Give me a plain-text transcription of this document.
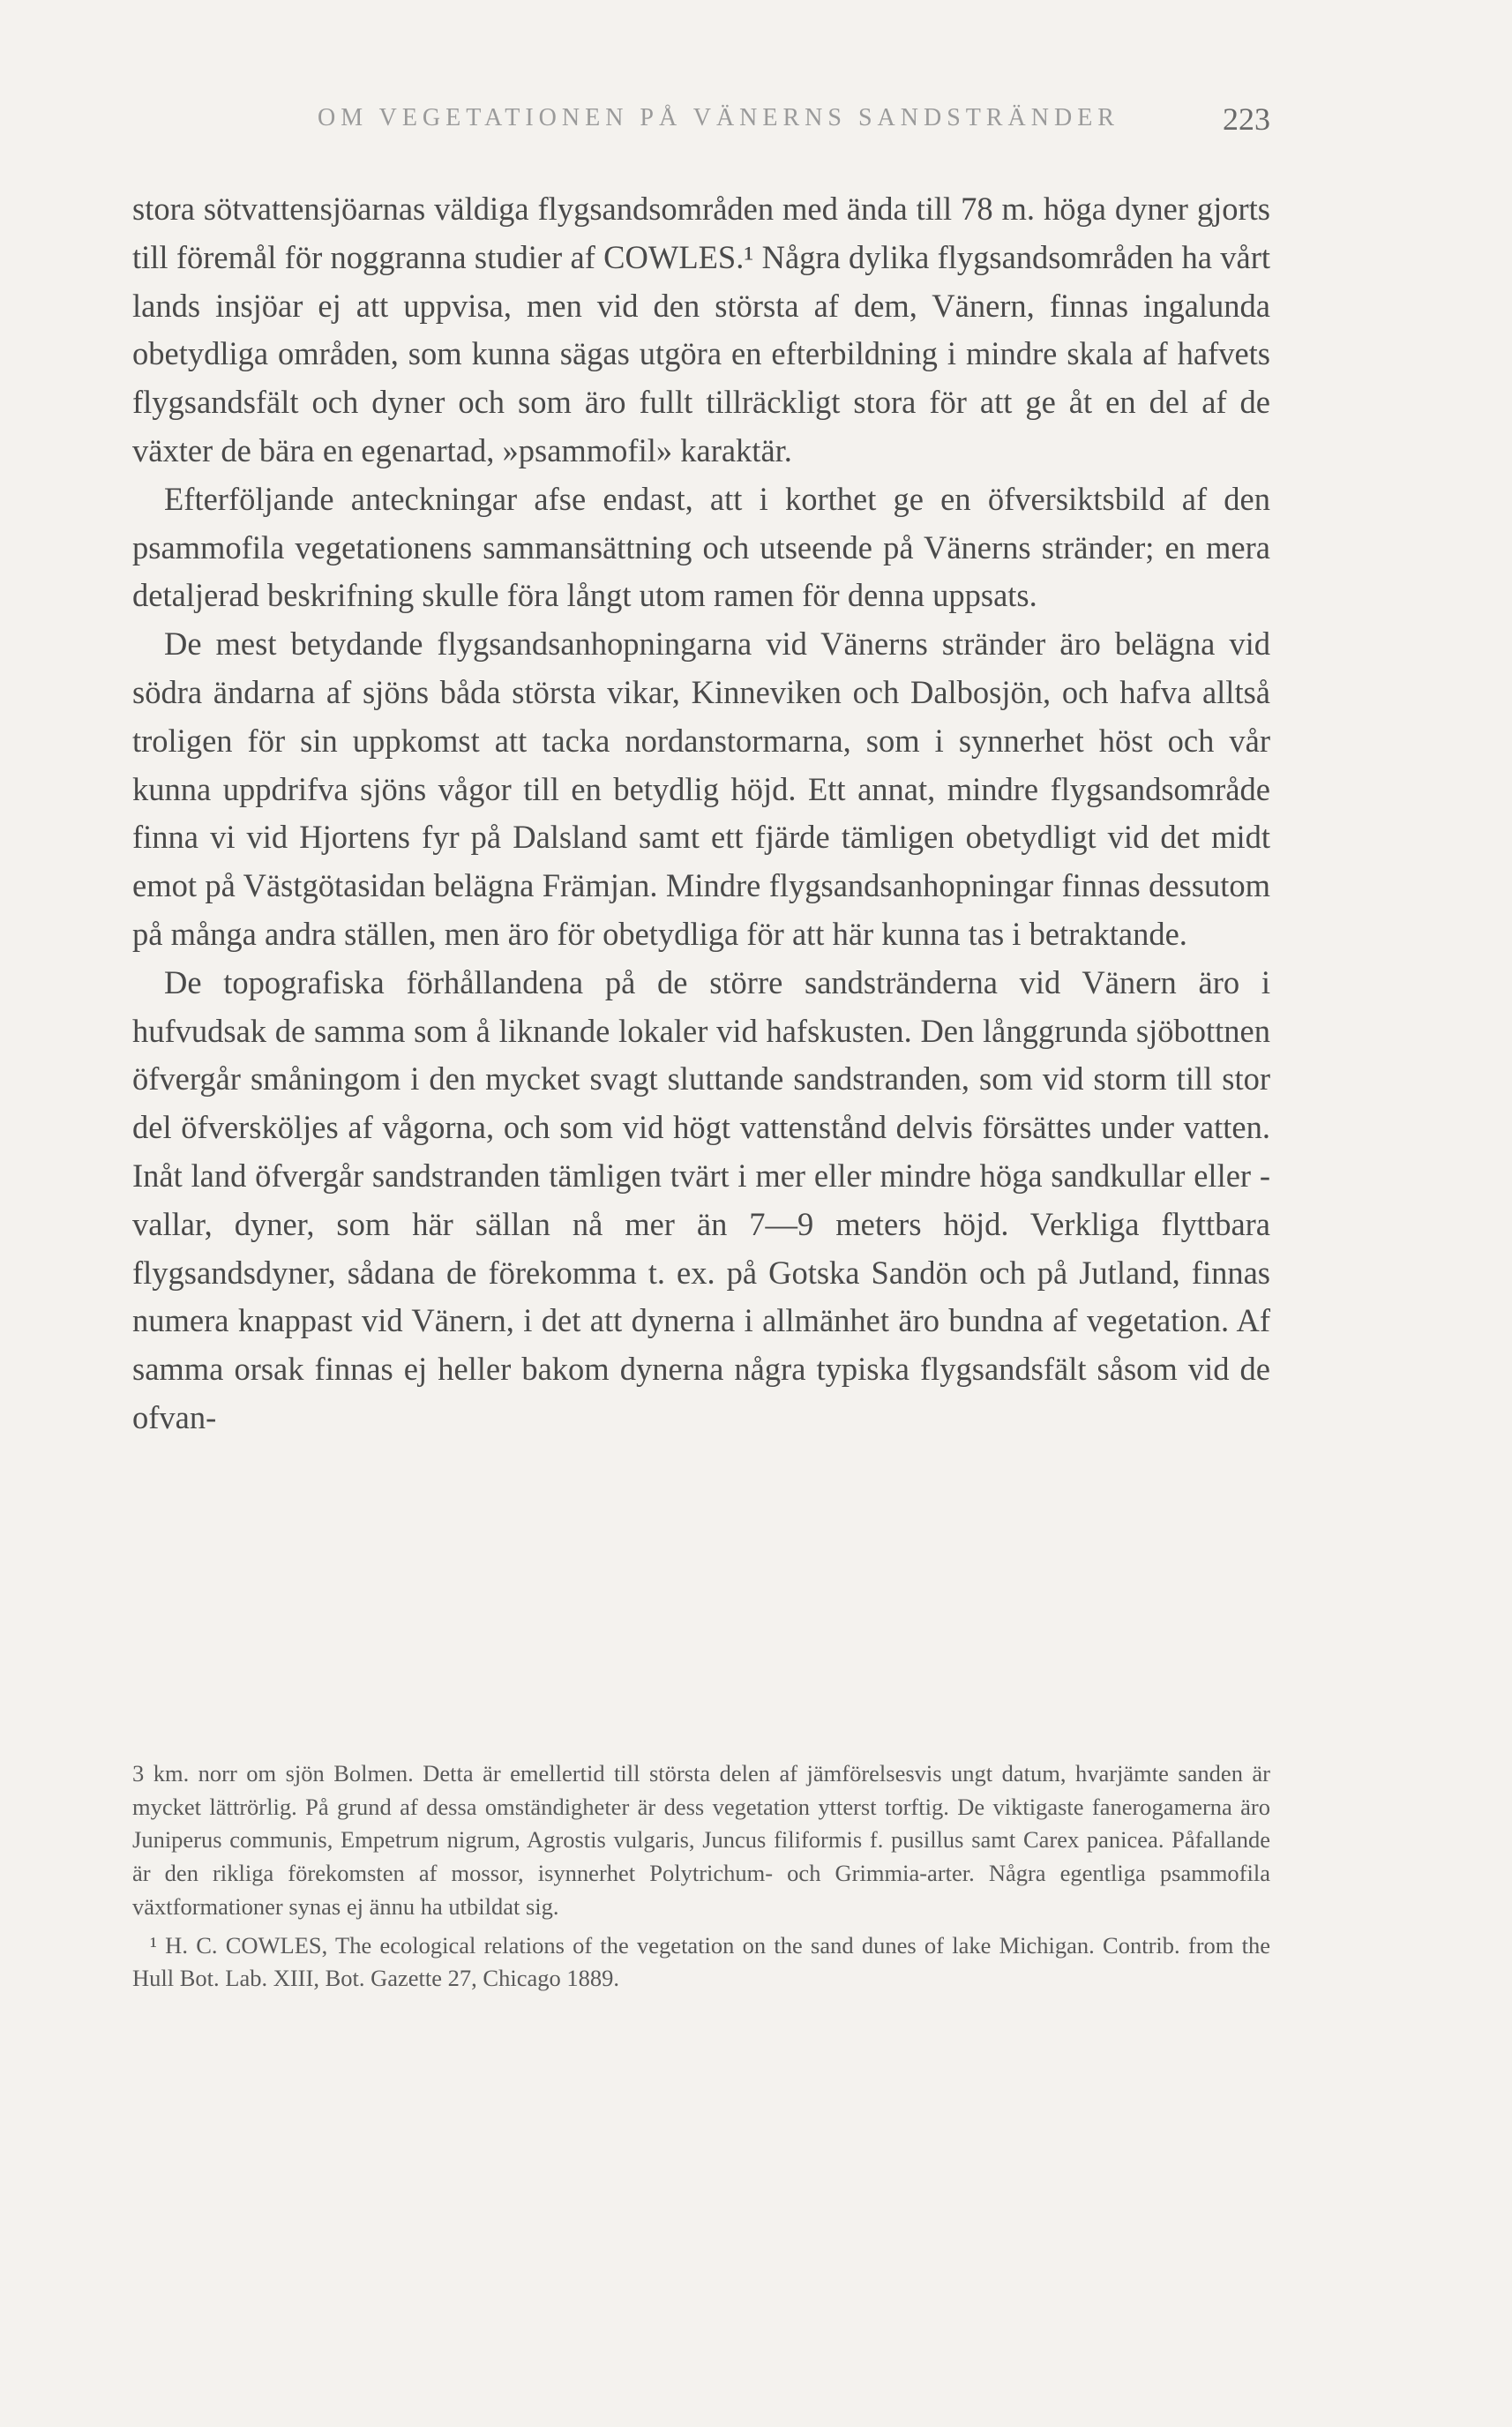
OM VEGETATIONEN PÅ VÄNERNS SANDSTRÄNDER	223

stora sötvattensjöarnas väldiga flygsandsområden med ända till 78 m. höga dyner gjorts till föremål för noggranna studier af COWLES.¹ Några dylika flygsandsområden ha vårt lands insjöar ej att uppvisa, men vid den största af dem, Vänern, finnas ingalunda obetydliga områden, som kunna sägas utgöra en efterbildning i mindre skala af hafvets flygsandsfält och dyner och som äro fullt tillräckligt stora för att ge åt en del af de växter de bära en egenartad, »psammofil» karaktär.

Efterföljande anteckningar afse endast, att i korthet ge en öfversiktsbild af den psammofila vegetationens sammansättning och utseende på Vänerns stränder; en mera detaljerad beskrifning skulle föra långt utom ramen för denna uppsats.

De mest betydande flygsandsanhopningarna vid Vänerns stränder äro belägna vid södra ändarna af sjöns båda största vikar, Kinneviken och Dalbosjön, och hafva alltså troligen för sin uppkomst att tacka nordanstormarna, som i synnerhet höst och vår kunna uppdrifva sjöns vågor till en betydlig höjd. Ett annat, mindre flygsandsområde finna vi vid Hjortens fyr på Dalsland samt ett fjärde tämligen obetydligt vid det midt emot på Västgötasidan belägna Främjan. Mindre flygsandsanhopningar finnas dessutom på många andra ställen, men äro för obetydliga för att här kunna tas i betraktande.

De topografiska förhållandena på de större sandstränderna vid Vänern äro i hufvudsak de samma som å liknande lokaler vid hafskusten. Den långgrunda sjöbottnen öfvergår småningom i den mycket svagt sluttande sandstranden, som vid storm till stor del öfversköljes af vågorna, och som vid högt vattenstånd delvis försättes under vatten. Inåt land öfvergår sandstranden tämligen tvärt i mer eller mindre höga sandkullar eller -vallar, dyner, som här sällan nå mer än 7—9 meters höjd. Verkliga flyttbara flygsandsdyner, sådana de förekomma t. ex. på Gotska Sandön och på Jutland, finnas numera knappast vid Vänern, i det att dynerna i allmänhet äro bundna af vegetation. Af samma orsak finnas ej heller bakom dynerna några typiska flygsandsfält såsom vid de ofvan-

3 km. norr om sjön Bolmen. Detta är emellertid till största delen af jämförelsesvis ungt datum, hvarjämte sanden är mycket lättrörlig. På grund af dessa omständigheter är dess vegetation ytterst torftig. De viktigaste fanerogamerna äro Juniperus communis, Empetrum nigrum, Agrostis vulgaris, Juncus filiformis f. pusillus samt Carex panicea. Påfallande är den rikliga förekomsten af mossor, isynnerhet Polytrichum- och Grimmia-arter. Några egentliga psammofila växtformationer synas ej ännu ha utbildat sig.

¹ H. C. COWLES, The ecological relations of the vegetation on the sand dunes of lake Michigan. Contrib. from the Hull Bot. Lab. XIII, Bot. Gazette 27, Chicago 1889.
